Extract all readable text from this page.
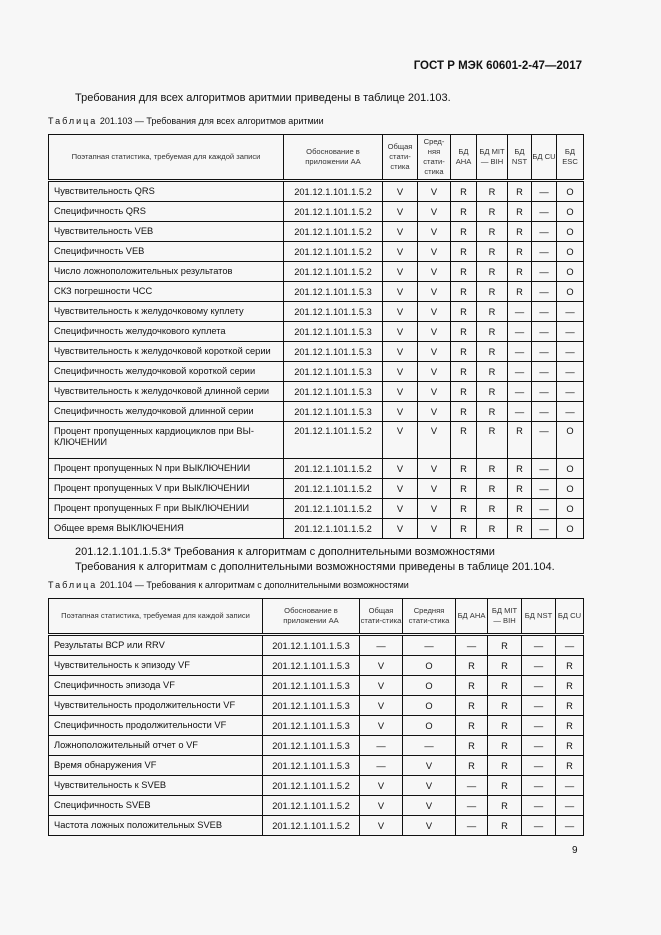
ГОСТ Р МЭК 60601-2-47—2017
Требования для всех алгоритмов аритмии приведены в таблице 201.103.
Таблица 201.103 — Требования для всех алгоритмов аритмии
Поэтапная статистика, требуемая для каждой записи	Обоснование в приложении АА	Общая стати-стика	Сред-няя стати-стика	БД AHA	БД MIT — BIH	БД NST	БД CU	БД ESC
Чувствительность QRS	201.12.1.101.1.5.2	V	V	R	R	R	—	O
Специфичность QRS	201.12.1.101.1.5.2	V	V	R	R	R	—	O
Чувствительность VEB	201.12.1.101.1.5.2	V	V	R	R	R	—	O
Специфичность VEB	201.12.1.101.1.5.2	V	V	R	R	R	—	O
Число ложноположительных результатов	201.12.1.101.1.5.2	V	V	R	R	R	—	O
СКЗ погрешности ЧСС	201.12.1.101.1.5.3	V	V	R	R	R	—	O
Чувствительность к желудочковому куплету	201.12.1.101.1.5.3	V	V	R	R	—	—	—
Специфичность желудочкового куплета	201.12.1.101.1.5.3	V	V	R	R	—	—	—
Чувствительность к желудочковой короткой серии	201.12.1.101.1.5.3	V	V	R	R	—	—	—
Специфичность желудочковой короткой серии	201.12.1.101.1.5.3	V	V	R	R	—	—	—
Чувствительность к желудочковой длинной серии	201.12.1.101.1.5.3	V	V	R	R	—	—	—
Специфичность желудочковой длинной серии	201.12.1.101.1.5.3	V	V	R	R	—	—	—
Процент пропущенных кардиоциклов при ВЫ-КЛЮЧЕНИИ	201.12.1.101.1.5.2	V	V	R	R	R	—	O
Процент пропущенных N при ВЫКЛЮЧЕНИИ	201.12.1.101.1.5.2	V	V	R	R	R	—	O
Процент пропущенных V при ВЫКЛЮЧЕНИИ	201.12.1.101.1.5.2	V	V	R	R	R	—	O
Процент пропущенных F при ВЫКЛЮЧЕНИИ	201.12.1.101.1.5.2	V	V	R	R	R	—	O
Общее время ВЫКЛЮЧЕНИЯ	201.12.1.101.1.5.2	V	V	R	R	R	—	O
201.12.1.101.1.5.3* Требования к алгоритмам с дополнительными возможностями
Требования к алгоритмам с дополнительными возможностями приведены в таблице 201.104.
Таблица 201.104 — Требования к алгоритмам с дополнительными возможностями
Поэтапная статистика, требуемая для каждой записи	Обоснование в приложении АА	Общая стати-стика	Средняя стати-стика	БД AHA	БД MIT — BIH	БД NST	БД CU
Результаты ВСР или RRV	201.12.1.101.1.5.3	—	—	—	R	—	—
Чувствительность к эпизоду VF	201.12.1.101.1.5.3	V	O	R	R	—	R
Специфичность эпизода VF	201.12.1.101.1.5.3	V	O	R	R	—	R
Чувствительность продолжительности VF	201.12.1.101.1.5.3	V	O	R	R	—	R
Специфичность продолжительности VF	201.12.1.101.1.5.3	V	O	R	R	—	R
Ложноположительный отчет о VF	201.12.1.101.1.5.3	—	—	R	R	—	R
Время обнаружения VF	201.12.1.101.1.5.3	—	V	R	R	—	R
Чувствительность к SVEB	201.12.1.101.1.5.2	V	V	—	R	—	—
Специфичность SVEB	201.12.1.101.1.5.2	V	V	—	R	—	—
Частота ложных положительных SVEB	201.12.1.101.1.5.2	V	V	—	R	—	—
9
